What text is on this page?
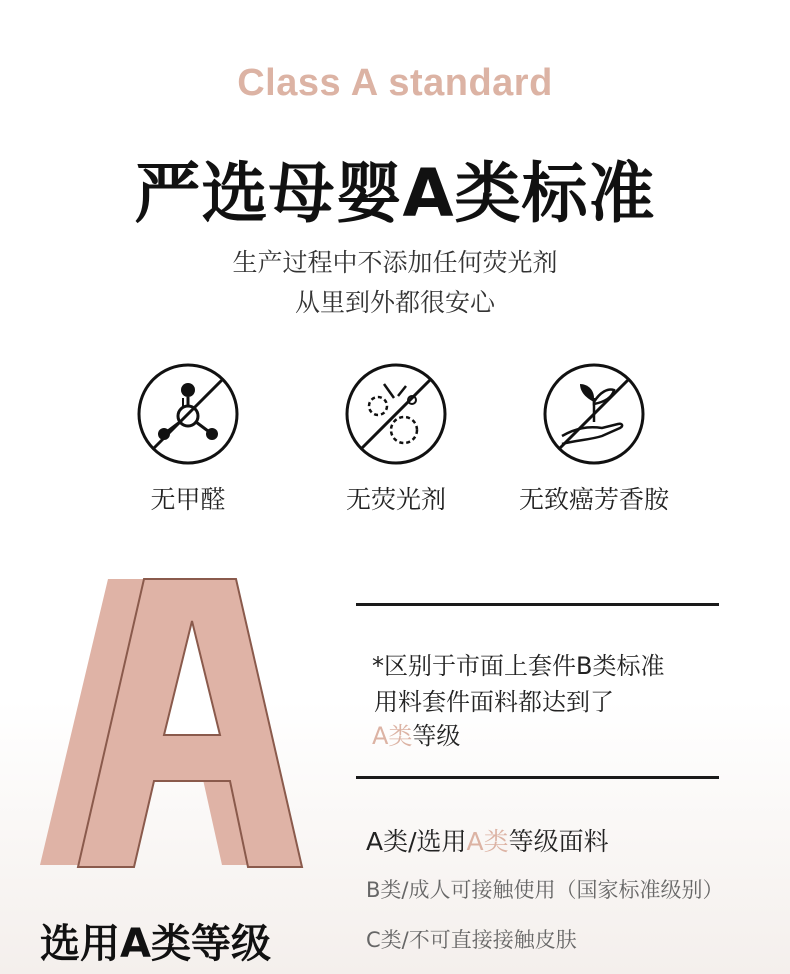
Class A standard
严选母婴A类标准
生产过程中不添加任何荧光剂
从里到外都很安心
无甲醛	无荧光剂	无致癌芳香胺
*区别于市面上套件B类标准
用料套件面料都达到了
A类等级
A类/选用A类等级面料
B类/成人可接触使用（国家标准级别）
C类/不可直接接触皮肤
选用A类等级
